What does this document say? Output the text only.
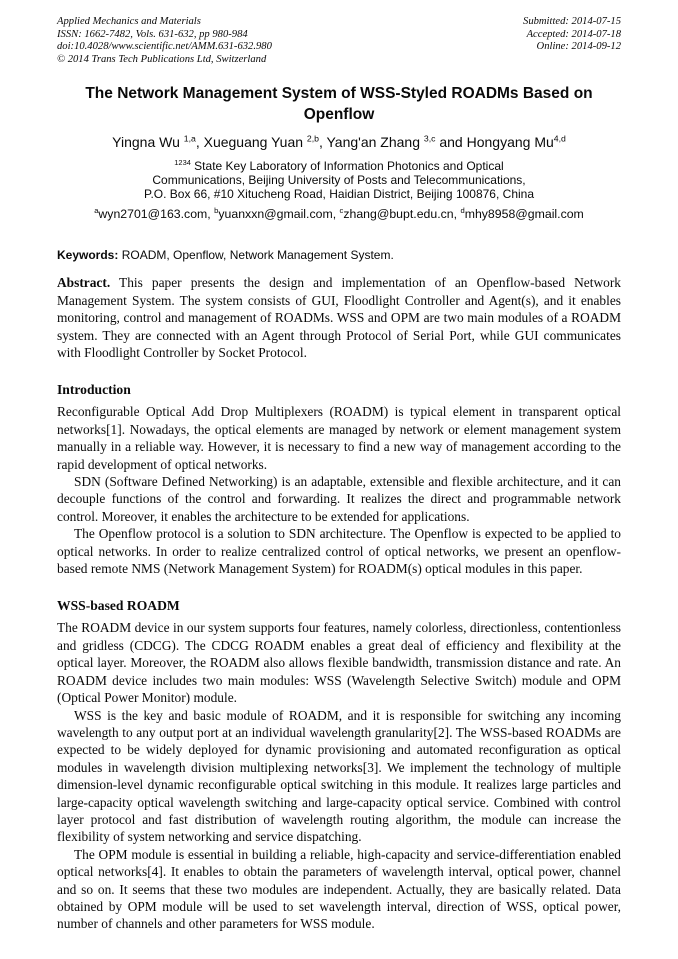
Applied Mechanics and Materials
ISSN: 1662-7482, Vols. 631-632, pp 980-984
doi:10.4028/www.scientific.net/AMM.631-632.980
© 2014 Trans Tech Publications Ltd, Switzerland
Submitted: 2014-07-15
Accepted: 2014-07-18
Online: 2014-09-12
The Network Management System of WSS-Styled ROADMs Based on Openflow
Yingna Wu $^{1,a}$, Xueguang Yuan $^{2,b}$, Yang'an Zhang $^{3,c}$ and Hongyang Mu$^{4,d}$
$^{1234}$ State Key Laboratory of Information Photonics and Optical
Communications, Beijing University of Posts and Telecommunications,
P.O. Box 66, #10 Xitucheng Road, Haidian District, Beijing 100876, China
$^a$wyn2701@163.com, $^b$yuanxxn@gmail.com, $^c$zhang@bupt.edu.cn, $^d$mhy8958@gmail.com

Keywords: ROADM, Openflow, Network Management System.

Abstract. This paper presents the design and implementation of an Openflow-based Network Management System. The system consists of GUI, Floodlight Controller and Agent(s), and it enables monitoring, control and management of ROADMs. WSS and OPM are two main modules of a ROADM system. They are connected with an Agent through Protocol of Serial Port, while GUI communicates with Floodlight Controller by Socket Protocol.

Introduction

Reconfigurable Optical Add Drop Multiplexers (ROADM) is typical element in transparent optical networks[1]. Nowadays, the optical elements are managed by network or element management system manually in a reliable way. However, it is necessary to find a new way of management according to the rapid development of optical networks.

SDN (Software Defined Networking) is an adaptable, extensible and flexible architecture, and it can decouple functions of the control and forwarding. It realizes the direct and programmable network control. Moreover, it enables the architecture to be extended for applications.

The Openflow protocol is a solution to SDN architecture. The Openflow is expected to be applied to optical networks. In order to realize centralized control of optical networks, we present an openflow-based remote NMS (Network Management System) for ROADM(s) optical modules in this paper.

WSS-based ROADM

The ROADM device in our system supports four features, namely colorless, directionless, contentionless and gridless (CDCG). The CDCG ROADM enables a great deal of efficiency and flexibility at the optical layer. Moreover, the ROADM also allows flexible bandwidth, transmission distance and rate. An ROADM device includes two main modules: WSS (Wavelength Selective Switch) module and OPM (Optical Power Monitor) module.

WSS is the key and basic module of ROADM, and it is responsible for switching any incoming wavelength to any output port at an individual wavelength granularity[2]. The WSS-based ROADMs are expected to be widely deployed for dynamic provisioning and automated reconfiguration as optical modules in wavelength division multiplexing networks[3]. We implement the technology of multiple dimension-level dynamic reconfigurable optical switching in this module. It realizes large particles and large-capacity optical wavelength switching and large-capacity optical service. Combined with control layer protocol and fast distribution of wavelength routing algorithm, the module can increase the flexibility of system networking and service dispatching.

The OPM module is essential in building a reliable, high-capacity and service-differentiation enabled optical networks[4]. It enables to obtain the parameters of wavelength interval, optical power, channel and so on. It seems that these two modules are independent. Actually, they are basically related. Data obtained by OPM module will be used to set wavelength interval, direction of WSS, optical power, number of channels and other parameters for WSS module.
